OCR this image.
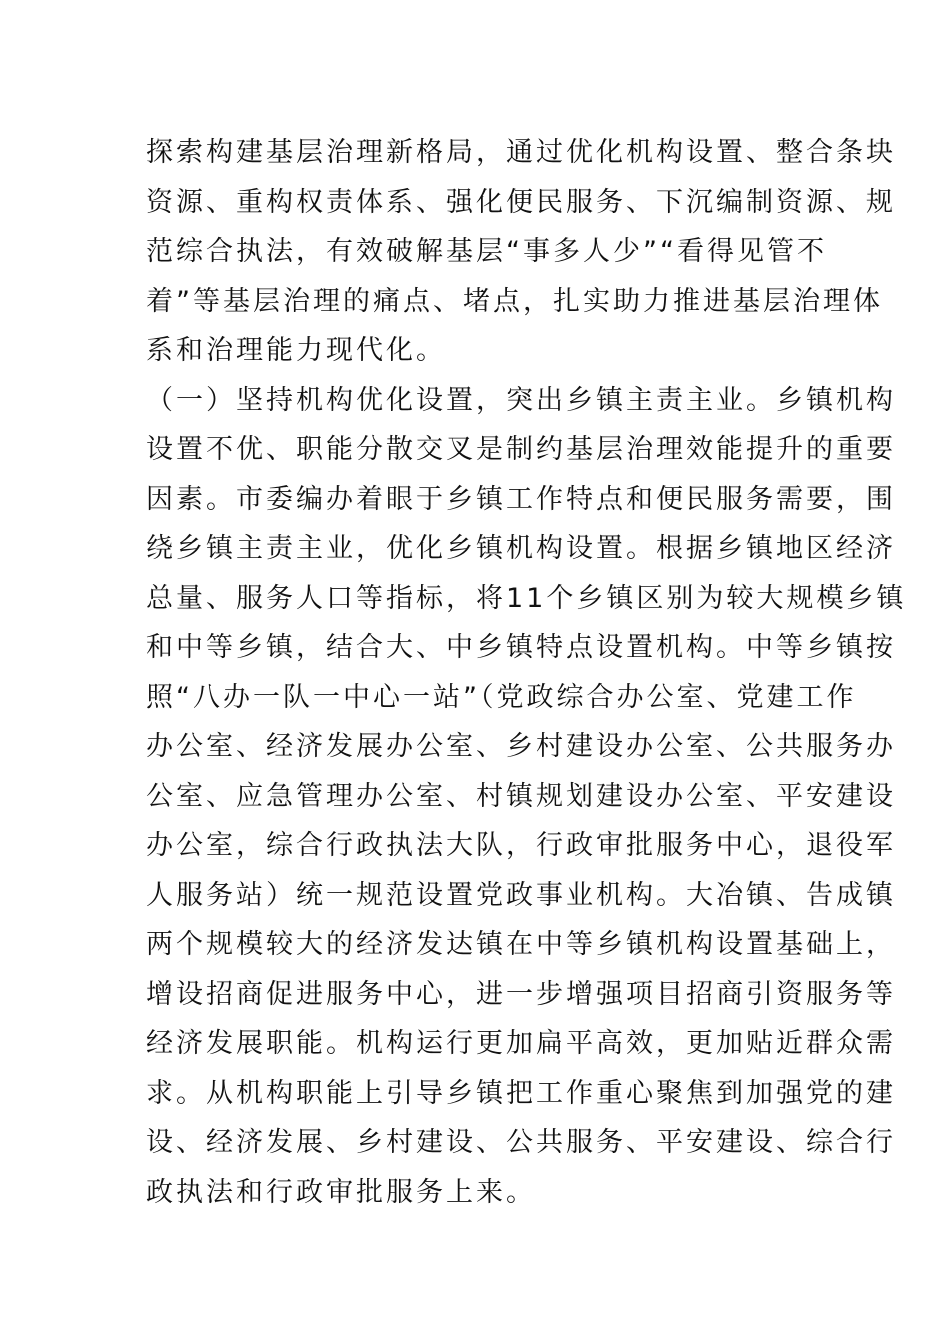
探索构建基层治理新格局，通过优化机构设置、整合条块
资源、重构权责体系、强化便民服务、下沉编制资源、规
范综合执法，有效破解基层“事多人少”“看得见管不
着”等基层治理的痛点、堵点，扎实助力推进基层治理体
系和治理能力现代化。
（一）坚持机构优化设置，突出乡镇主责主业。乡镇机构
设置不优、职能分散交叉是制约基层治理效能提升的重要
因素。市委编办着眼于乡镇工作特点和便民服务需要，围
绕乡镇主责主业，优化乡镇机构设置。根据乡镇地区经济
总量、服务人口等指标，将11个乡镇区别为较大规模乡镇
和中等乡镇，结合大、中乡镇特点设置机构。中等乡镇按
照“八办一队一中心一站”（党政综合办公室、党建工作
办公室、经济发展办公室、乡村建设办公室、公共服务办
公室、应急管理办公室、村镇规划建设办公室、平安建设
办公室，综合行政执法大队，行政审批服务中心，退役军
人服务站）统一规范设置党政事业机构。大冶镇、告成镇
两个规模较大的经济发达镇在中等乡镇机构设置基础上，
增设招商促进服务中心，进一步增强项目招商引资服务等
经济发展职能。机构运行更加扁平高效，更加贴近群众需
求。从机构职能上引导乡镇把工作重心聚焦到加强党的建
设、经济发展、乡村建设、公共服务、平安建设、综合行
政执法和行政审批服务上来。
